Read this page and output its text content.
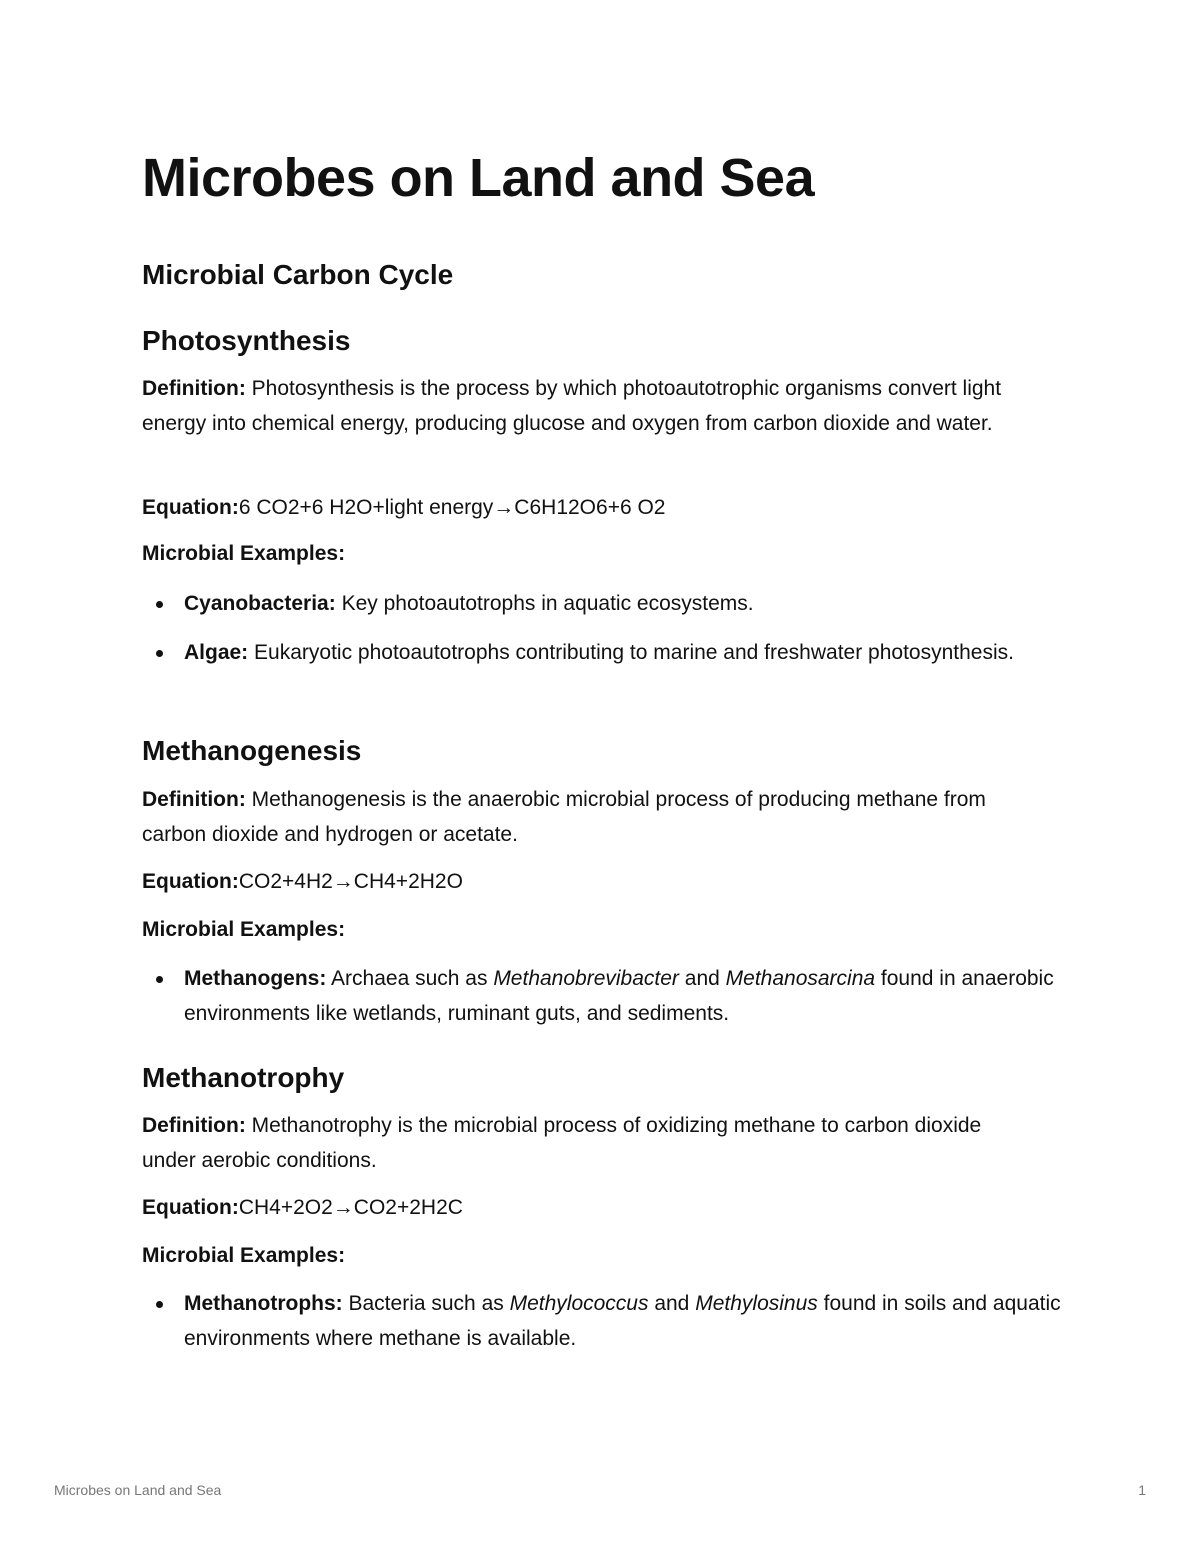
Microbes on Land and Sea
Microbial Carbon Cycle
Photosynthesis

Definition: Photosynthesis is the process by which photoautotrophic organisms convert light energy into chemical energy, producing glucose and oxygen from carbon dioxide and water.

Equation:6 CO2+6 H2O+light energy→C6H12O6+6 O2

Microbial Examples:

Cyanobacteria: Key photoautotrophs in aquatic ecosystems.
Algae: Eukaryotic photoautotrophs contributing to marine and freshwater photosynthesis.
Methanogenesis

Definition: Methanogenesis is the anaerobic microbial process of producing methane from carbon dioxide and hydrogen or acetate.

Equation:CO2+4H2→CH4+2H2O

Microbial Examples:

Methanogens: Archaea such as Methanobrevibacter and Methanosarcina found in anaerobic environments like wetlands, ruminant guts, and sediments.
Methanotrophy

Definition: Methanotrophy is the microbial process of oxidizing methane to carbon dioxide under aerobic conditions.

Equation:CH4+2O2→CO2+2H2C

Microbial Examples:

Methanotrophs: Bacteria such as Methylococcus and Methylosinus found in soils and aquatic environments where methane is available.
Microbes on Land and Sea	1
